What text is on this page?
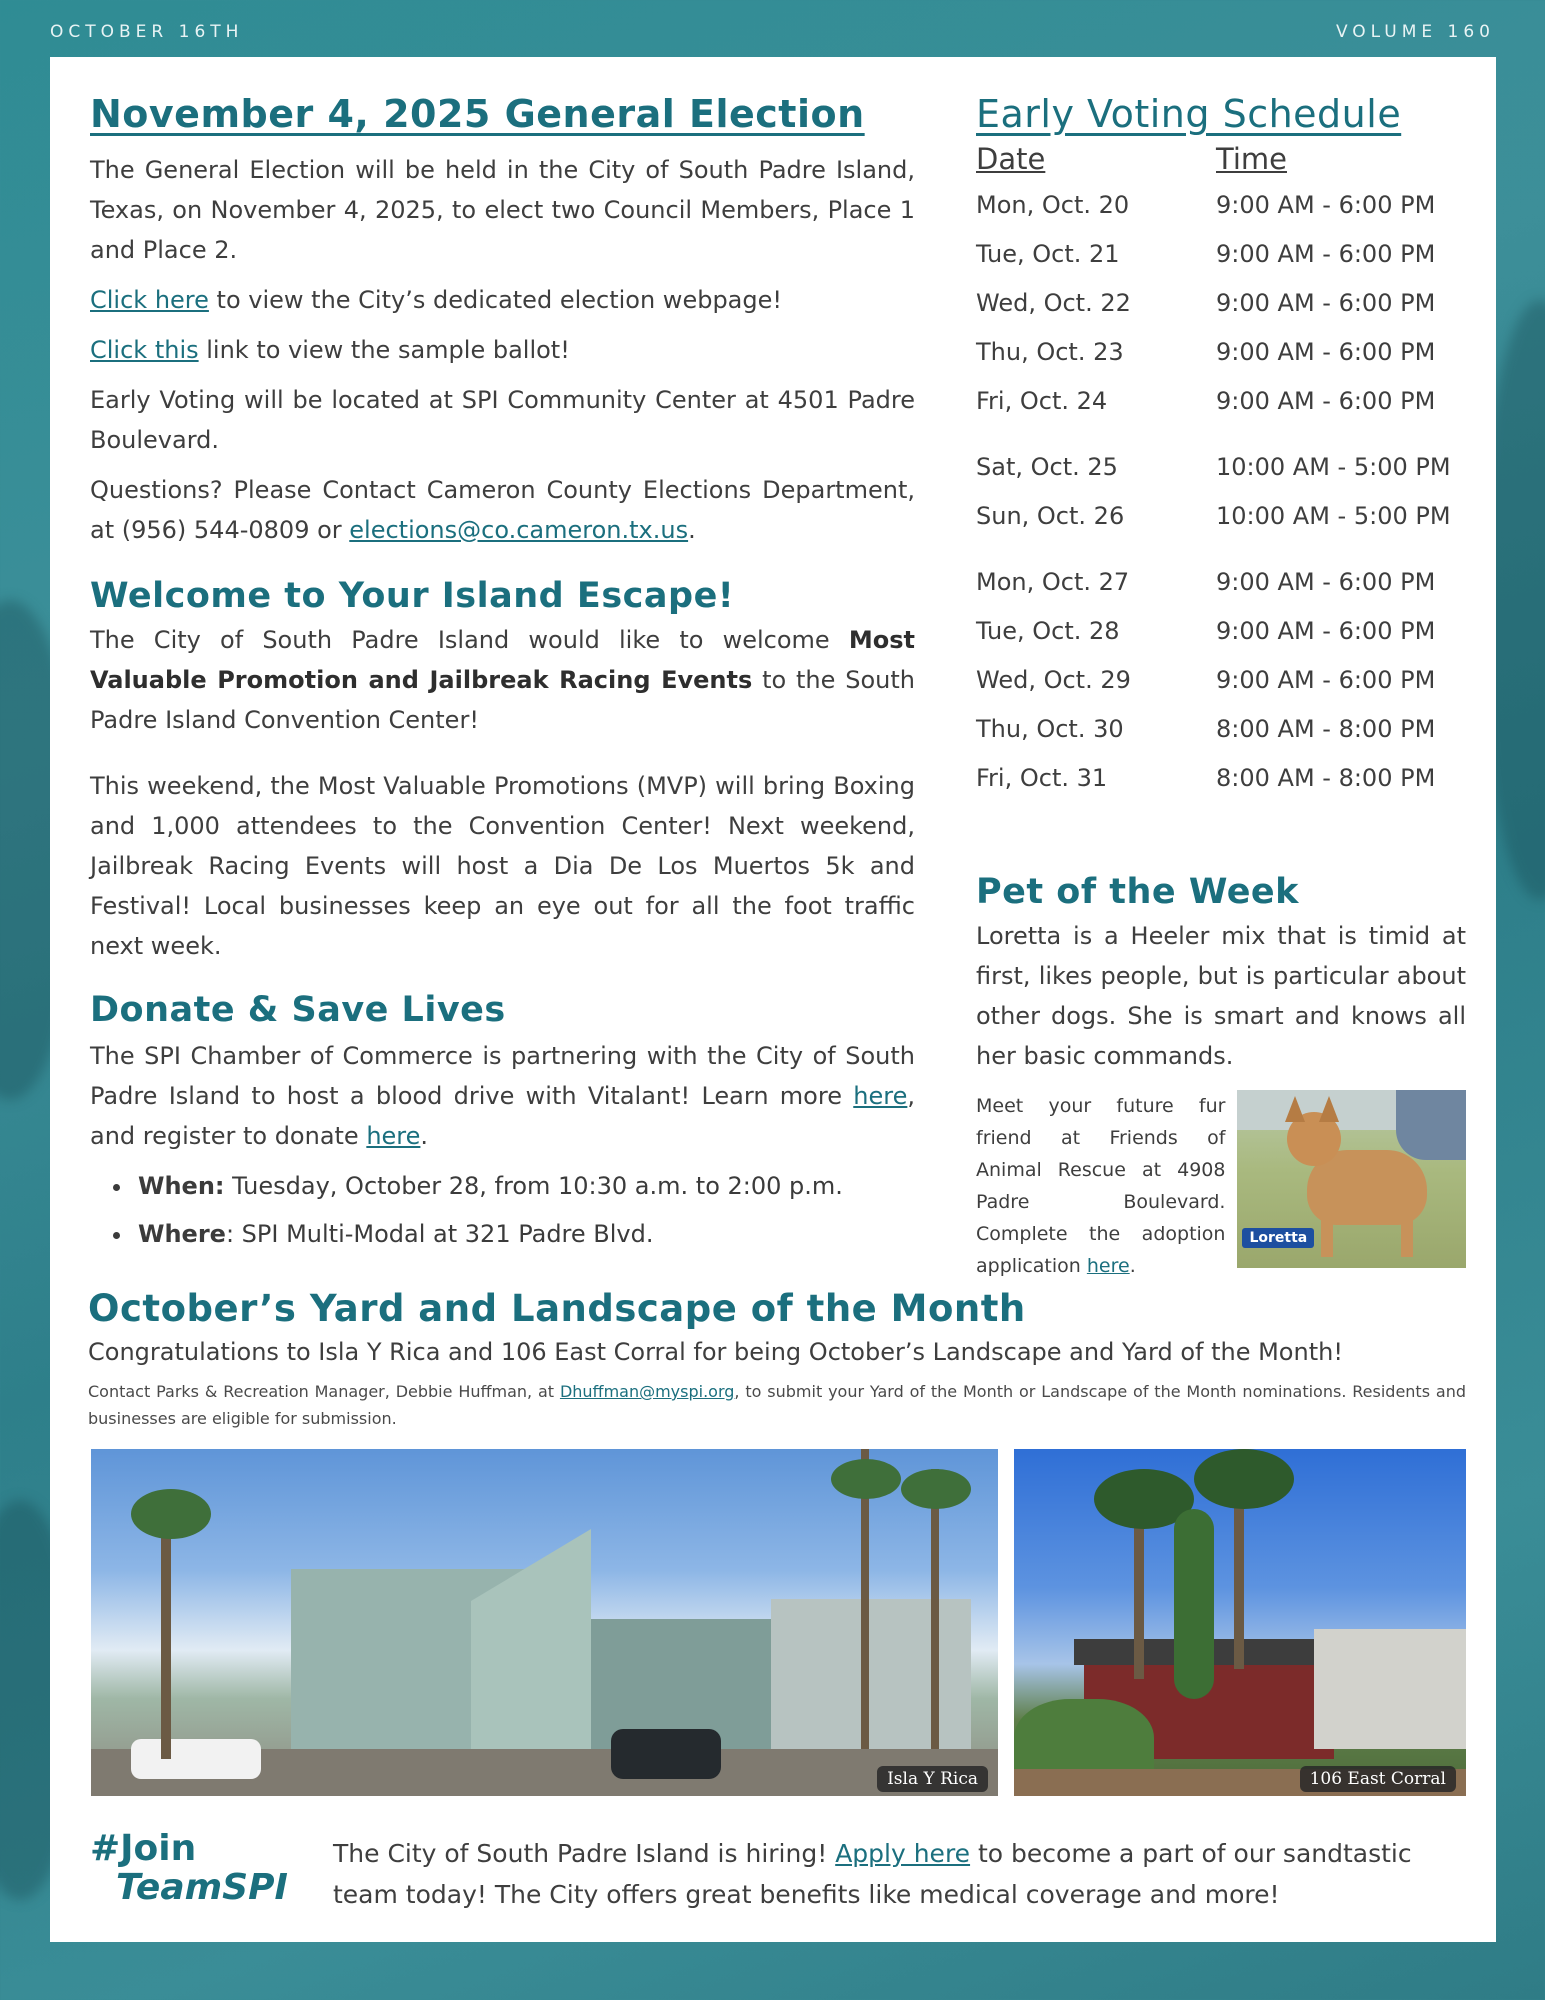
OCTOBER 16TH	VOLUME 160
November 4, 2025 General Election

The General Election will be held in the City of South Padre Island, Texas, on November 4, 2025, to elect two Council Members, Place 1 and Place 2.

Click here to view the City’s dedicated election webpage!

Click this link to view the sample ballot!

Early Voting will be located at SPI Community Center at 4501 Padre Boulevard.

Questions? Please Contact Cameron County Elections Department, at (956) 544-0809 or elections@co.cameron.tx.us.

Welcome to Your Island Escape!

The City of South Padre Island would like to welcome Most Valuable Promotion and Jailbreak Racing Events to the South Padre Island Convention Center!

This weekend, the Most Valuable Promotions (MVP) will bring Boxing and 1,000 attendees to the Convention Center! Next weekend, Jailbreak Racing Events will host a Dia De Los Muertos 5k and Festival! Local businesses keep an eye out for all the foot traffic next week.

Donate & Save Lives

The SPI Chamber of Commerce is partnering with the City of South Padre Island to host a blood drive with Vitalant! Learn more here, and register to donate here.

• When: Tuesday, October 28, from 10:30 a.m. to 2:00 p.m.
• Where: SPI Multi-Modal at 321 Padre Blvd.
Early Voting Schedule
Date	Time
Mon, Oct. 20	9:00 AM - 6:00 PM
Tue, Oct. 21	9:00 AM - 6:00 PM
Wed, Oct. 22	9:00 AM - 6:00 PM
Thu, Oct. 23	9:00 AM - 6:00 PM
Fri, Oct. 24	9:00 AM - 6:00 PM
Sat, Oct. 25	10:00 AM - 5:00 PM
Sun, Oct. 26	10:00 AM - 5:00 PM
Mon, Oct. 27	9:00 AM - 6:00 PM
Tue, Oct. 28	9:00 AM - 6:00 PM
Wed, Oct. 29	9:00 AM - 6:00 PM
Thu, Oct. 30	8:00 AM - 8:00 PM
Fri, Oct. 31	8:00 AM - 8:00 PM
Pet of the Week

Loretta is a Heeler mix that is timid at first, likes people, but is particular about other dogs. She is smart and knows all her basic commands.

Meet your future fur friend at Friends of Animal Rescue at 4908 Padre Boulevard. Complete the adoption application here.

Loretta
October’s Yard and Landscape of the Month

Congratulations to Isla Y Rica and 106 East Corral for being October’s Landscape and Yard of the Month!

Contact Parks & Recreation Manager, Debbie Huffman, at Dhuffman@myspi.org, to submit your Yard of the Month or Landscape of the Month nominations. Residents and businesses are eligible for submission.

Isla Y Rica	106 East Corral
#Join
TeamSPI

The City of South Padre Island is hiring! Apply here to become a part of our sandtastic team today! The City offers great benefits like medical coverage and more!
